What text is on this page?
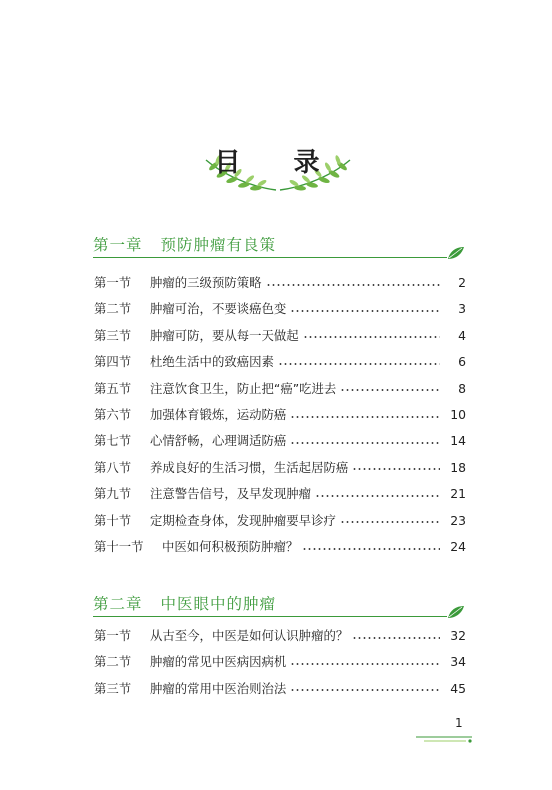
目 录
第一章 预防肿瘤有良策
第一节	肿瘤的三级预防策略	2
第二节	肿瘤可治，不要谈癌色变	3
第三节	肿瘤可防，要从每一天做起	4
第四节	杜绝生活中的致癌因素	6
第五节	注意饮食卫生，防止把“癌”吃进去	8
第六节	加强体育锻炼，运动防癌	10
第七节	心情舒畅，心理调适防癌	14
第八节	养成良好的生活习惯，生活起居防癌	18
第九节	注意警告信号，及早发现肿瘤	21
第十节	定期检查身体，发现肿瘤要早诊疗	23
第十一节	中医如何积极预防肿瘤？	24
第二章 中医眼中的肿瘤
第一节	从古至今，中医是如何认识肿瘤的？	32
第二节	肿瘤的常见中医病因病机	34
第三节	肿瘤的常用中医治则治法	45
1
